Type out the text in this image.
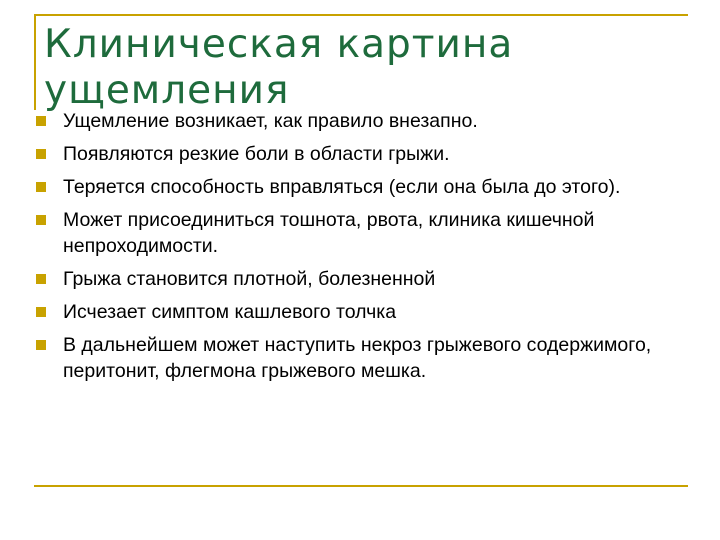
Клиническая картина ущемления
Ущемление возникает, как правило внезапно.
Появляются резкие боли в области грыжи.
Теряется способность вправляться (если она была до этого).
Может присоединиться тошнота, рвота, клиника кишечной непроходимости.
Грыжа становится плотной, болезненной
Исчезает симптом кашлевого толчка
В дальнейшем может наступить некроз грыжевого содержимого, перитонит, флегмона грыжевого мешка.
